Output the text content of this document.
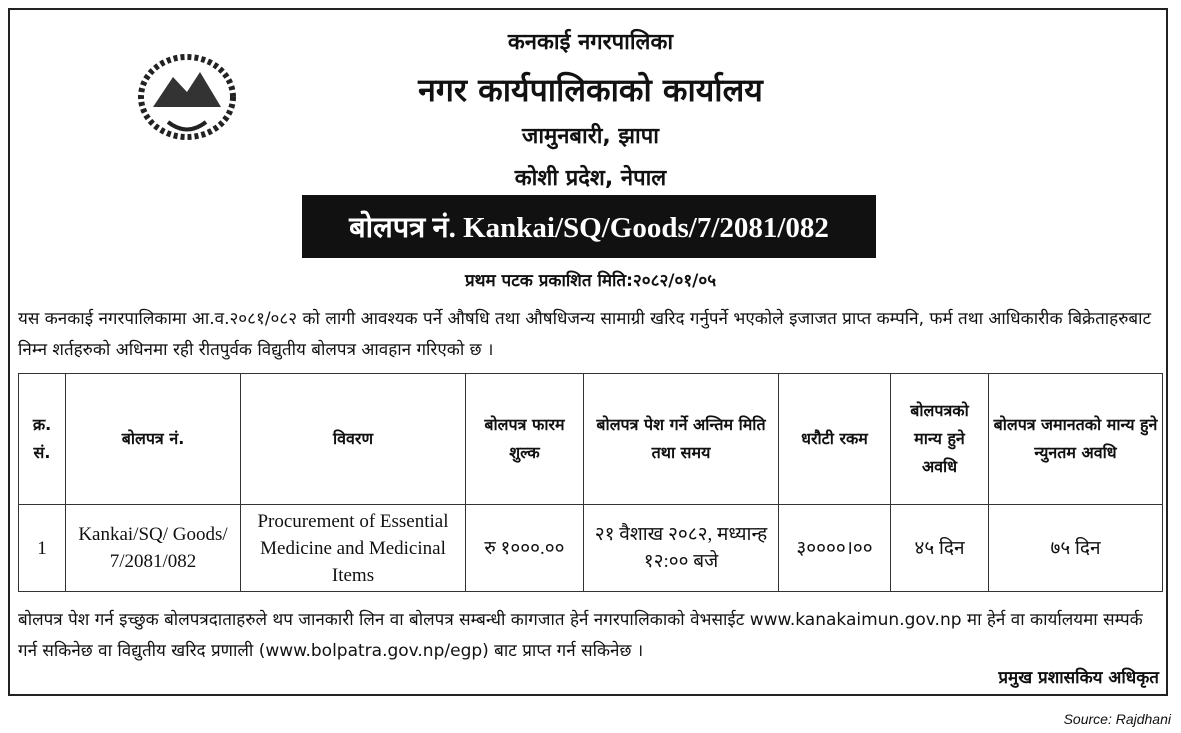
कनकाई नगरपालिका
नगर कार्यपालिकाको कार्यालय
जामुनबारी, झापा
कोशी प्रदेश, नेपाल
बोलपत्र नं. Kankai/SQ/Goods/7/2081/082
प्रथम पटक प्रकाशित मिति:२०८२/०१/०५
यस कनकाई नगरपालिकामा आ.व.२०८१/०८२ को लागी आवश्यक पर्ने औषधि तथा औषधिजन्य सामाग्री खरिद गर्नुपर्ने भएकोले इजाजत प्राप्त कम्पनि, फर्म तथा आधिकारीक बिक्रेताहरुबाट निम्न शर्तहरुको अधिनमा रही रीतपुर्वक विद्युतीय बोलपत्र आवहान गरिएको छ ।
क्र. सं.	बोलपत्र नं.	विवरण	बोलपत्र फारम शुल्क	बोलपत्र पेश गर्ने अन्तिम मिति तथा समय	धरौटी रकम	बोलपत्रको मान्य हुने अवधि	बोलपत्र जमानतको मान्य हुने न्युनतम अवधि
1	Kankai/SQ/ Goods/ 7/2081/082	Procurement of Essential Medicine and Medicinal Items	रु १०००.००	२१ वैशाख २०८२, मध्यान्ह १२:०० बजे	३००००।००	४५ दिन	७५ दिन
बोलपत्र पेश गर्न इच्छुक बोलपत्रदाताहरुले थप जानकारी लिन वा बोलपत्र सम्बन्धी कागजात हेर्न नगरपालिकाको वेभसाईट www.kanakaimun.gov.np मा हेर्न वा कार्यालयमा सम्पर्क गर्न सकिनेछ वा विद्युतीय खरिद प्रणाली (www.bolpatra.gov.np/egp) बाट प्राप्त गर्न सकिनेछ ।
प्रमुख प्रशासकिय अधिकृत
Source: Rajdhani
